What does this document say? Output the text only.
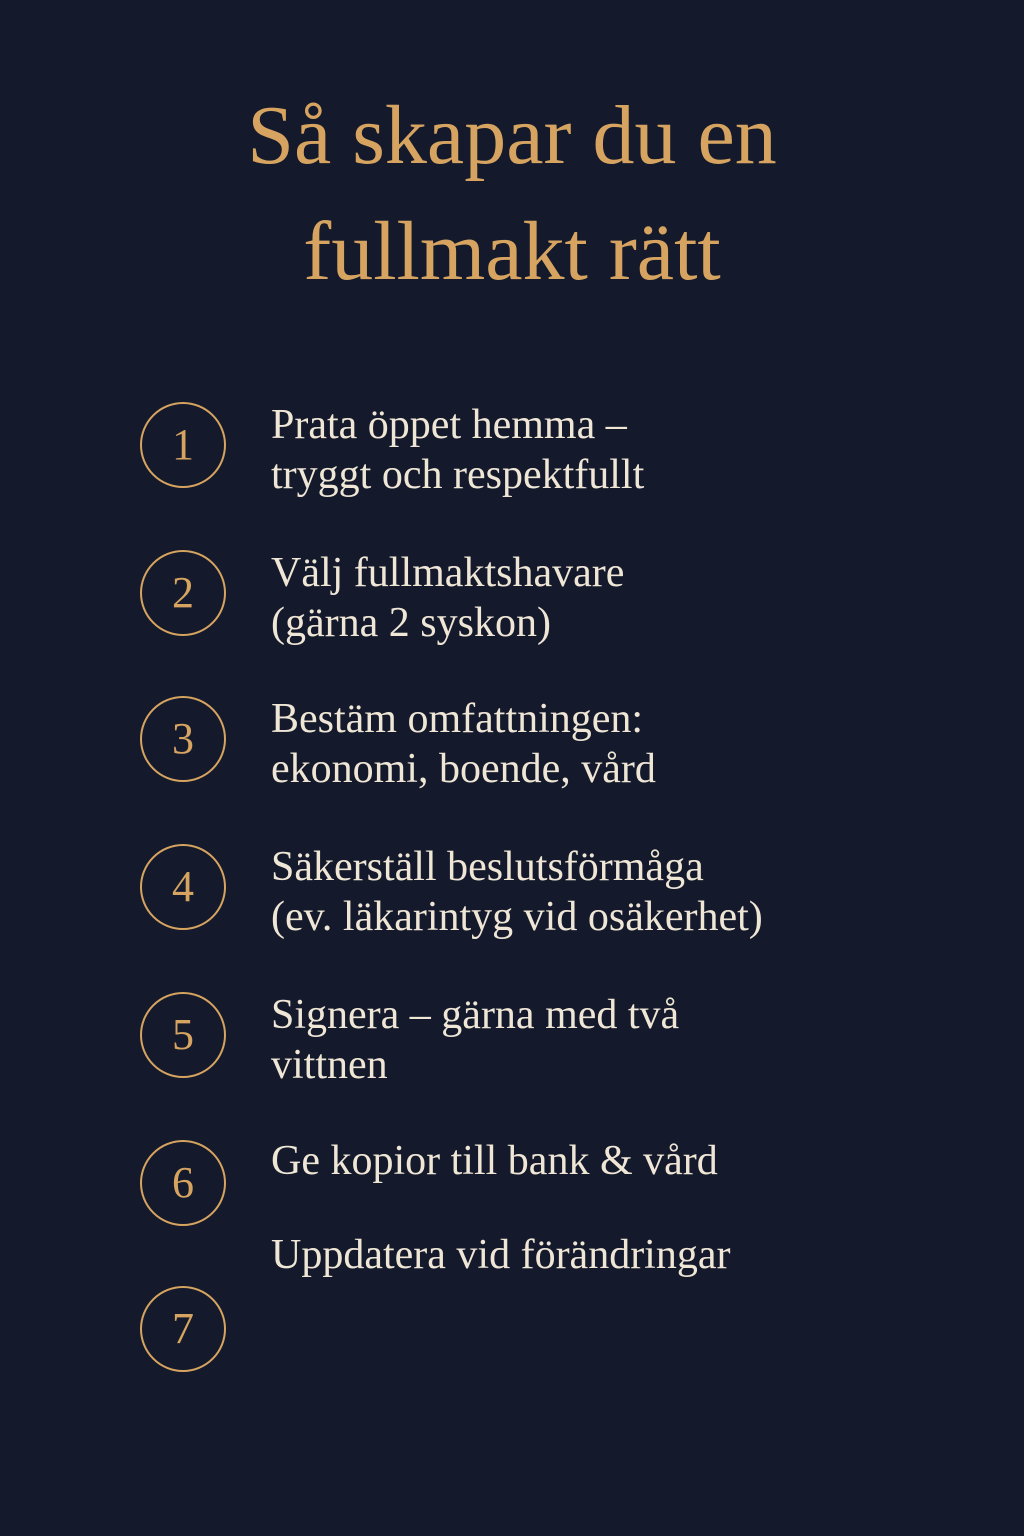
Så skapar du en
fullmakt rätt
1	Prata öppet hemma –
tryggt och respektfullt
2	Välj fullmaktshavare
(gärna 2 syskon)
3	Bestäm omfattningen:
ekonomi, boende, vård
4	Säkerställ beslutsförmåga
(ev. läkarintyg vid osäkerhet)
5	Signera – gärna med två
vittnen
6	Ge kopior till bank & vård
7
Uppdatera vid förändringar
